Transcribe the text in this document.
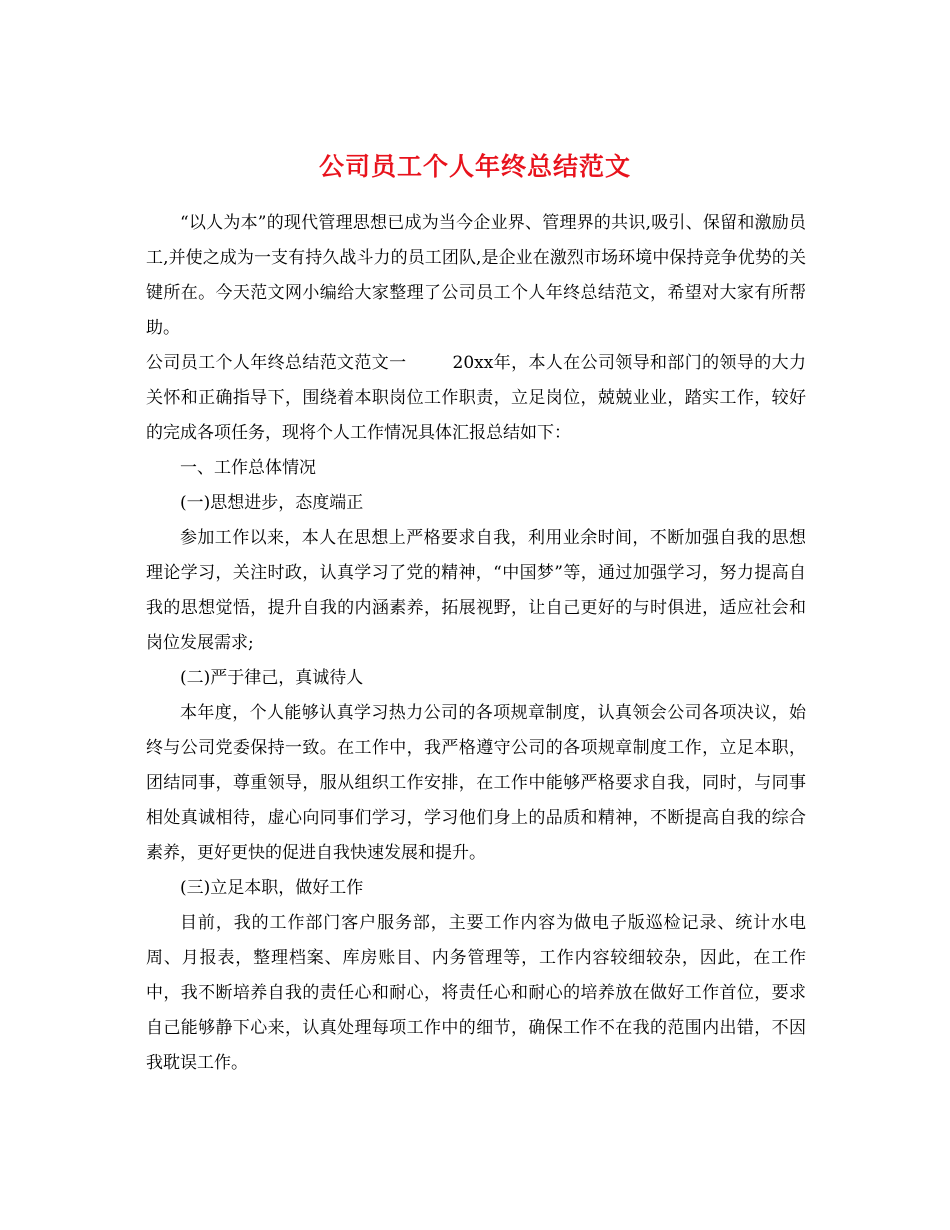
公司员工个人年终总结范文

“以人为本”的现代管理思想已成为当今企业界、管理界的共识,吸引、保留和激励员工,并使之成为一支有持久战斗力的员工团队,是企业在激烈市场环境中保持竞争优势的关键所在。今天范文网小编给大家整理了公司员工个人年终总结范文，希望对大家有所帮助。

公司员工个人年终总结范文范文一	20xx年，本人在公司领导和部门的领导的大力关怀和正确指导下，围绕着本职岗位工作职责，立足岗位，兢兢业业，踏实工作，较好的完成各项任务，现将个人工作情况具体汇报总结如下：

一、工作总体情况

(一)思想进步，态度端正

参加工作以来，本人在思想上严格要求自我，利用业余时间，不断加强自我的思想理论学习，关注时政，认真学习了党的精神，“中国梦”等，通过加强学习，努力提高自我的思想觉悟，提升自我的内涵素养，拓展视野，让自己更好的与时俱进，适应社会和岗位发展需求;

(二)严于律己，真诚待人

本年度，个人能够认真学习热力公司的各项规章制度，认真领会公司各项决议，始终与公司党委保持一致。在工作中，我严格遵守公司的各项规章制度工作，立足本职，团结同事，尊重领导，服从组织工作安排，在工作中能够严格要求自我，同时，与同事相处真诚相待，虚心向同事们学习，学习他们身上的品质和精神，不断提高自我的综合素养，更好更快的促进自我快速发展和提升。

(三)立足本职，做好工作

目前，我的工作部门客户服务部，主要工作内容为做电子版巡检记录、统计水电周、月报表，整理档案、库房账目、内务管理等，工作内容较细较杂，因此，在工作中，我不断培养自我的责任心和耐心，将责任心和耐心的培养放在做好工作首位，要求自己能够静下心来，认真处理每项工作中的细节，确保工作不在我的范围内出错，不因我耽误工作。
